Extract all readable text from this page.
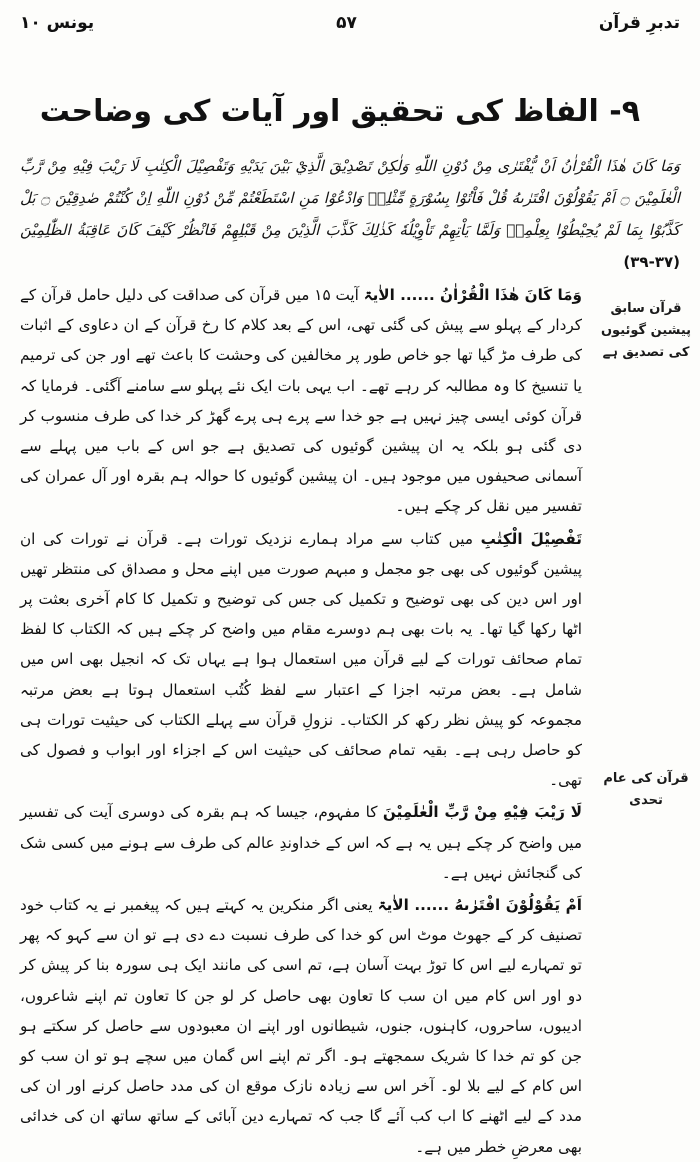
تدبرِ قرآن
۵۷
یونس ۱۰
۹- الفاظ کی تحقیق اور آیات کی وضاحت
وَمَا كَانَ هٰذَا الْقُرْاٰنُ اَنْ يُّفْتَرٰى مِنْ دُوْنِ اللّٰهِ وَلٰكِنْ تَصْدِيْقَ الَّذِيْ بَيْنَ يَدَيْهِ وَتَفْصِيْلَ الْكِتٰبِ لَا رَيْبَ فِيْهِ مِنْ رَّبِّ الْعٰلَمِيْنَ ۝ اَمْ يَقُوْلُوْنَ افْتَرٰىهُ قُلْ فَاْتُوْا بِسُوْرَةٍ مِّثْلِهٖ وَادْعُوْا مَنِ اسْتَطَعْتُمْ مِّنْ دُوْنِ اللّٰهِ اِنْ كُنْتُمْ صٰدِقِيْنَ ۝ بَلْ كَذَّبُوْا بِمَا لَمْ يُحِيْطُوْا بِعِلْمِهٖ وَلَمَّا يَاْتِهِمْ تَاْوِيْلُهٗ كَذٰلِكَ كَذَّبَ الَّذِيْنَ مِنْ قَبْلِهِمْ فَانْظُرْ كَيْفَ كَانَ عَاقِبَةُ الظّٰلِمِيْنَ (۳۷-۳۹)
قرآن سابق پیشین گوئیوں کی تصدیق ہے
قرآن کی عام تحدی

وَمَا كَانَ هٰذَا الْقُرْاٰنُ ...... الاٰیۃ آیت ۱۵ میں قرآن کی صداقت کی دلیل حامل قرآن کے کردار کے پہلو سے پیش کی گئی تھی، اس کے بعد کلام کا رخ قرآن کے ان دعاوی کے اثبات کی طرف مڑ گیا تھا جو خاص طور پر مخالفین کی وحشت کا باعث تھے اور جن کی ترمیم یا تنسیخ کا وہ مطالبہ کر رہے تھے۔ اب یہی بات ایک نئے پہلو سے سامنے آگئی۔ فرمایا کہ قرآن کوئی ایسی چیز نہیں ہے جو خدا سے پرے ہی پرے گھڑ کر خدا کی طرف منسوب کر دی گئی ہو بلکہ یہ ان پیشین گوئیوں کی تصدیق ہے جو اس کے باب میں پہلے سے آسمانی صحیفوں میں موجود ہیں۔ ان پیشین گوئیوں کا حوالہ ہم بقرہ اور آل عمران کی تفسیر میں نقل کر چکے ہیں۔

تَفْصِيْلَ الْكِتٰبِ میں کتاب سے مراد ہمارے نزدیک تورات ہے۔ قرآن نے تورات کی ان پیشین گوئیوں کی بھی جو مجمل و مبہم صورت میں اپنے محل و مصداق کی منتظر تھیں اور اس دین کی بھی توضیح و تکمیل کی جس کی توضیح و تکمیل کا کام آخری بعثت پر اٹھا رکھا گیا تھا۔ یہ بات بھی ہم دوسرے مقام میں واضح کر چکے ہیں کہ الکتاب کا لفظ تمام صحائف تورات کے لیے قرآن میں استعمال ہوا ہے یہاں تک کہ انجیل بھی اس میں شامل ہے۔ بعض مرتبہ اجزا کے اعتبار سے لفظ کُتُب استعمال ہوتا ہے بعض مرتبہ مجموعہ کو پیش نظر رکھ کر الکتاب۔ نزولِ قرآن سے پہلے الکتاب کی حیثیت تورات ہی کو حاصل رہی ہے۔ بقیہ تمام صحائف کی حیثیت اس کے اجزاء اور ابواب و فصول کی تھی۔

لَا رَيْبَ فِيْهِ مِنْ رَّبِّ الْعٰلَمِيْنَ کا مفہوم، جیسا کہ ہم بقرہ کی دوسری آیت کی تفسیر میں واضح کر چکے ہیں یہ ہے کہ اس کے خداوندِ عالم کی طرف سے ہونے میں کسی شک کی گنجائش نہیں ہے۔

اَمْ يَقُوْلُوْنَ افْتَرٰىهُ ...... الاٰیۃ یعنی اگر منکرین یہ کہتے ہیں کہ پیغمبر نے یہ کتاب خود تصنیف کر کے جھوٹ موٹ اس کو خدا کی طرف نسبت دے دی ہے تو ان سے کہو کہ پھر تو تمہارے لیے اس کا توڑ بہت آسان ہے، تم اسی کی مانند ایک ہی سورہ بنا کر پیش کر دو اور اس کام میں ان سب کا تعاون بھی حاصل کر لو جن کا تعاون تم اپنے شاعروں، ادیبوں، ساحروں، کاہنوں، جنوں، شیطانوں اور اپنے ان معبودوں سے حاصل کر سکتے ہو جن کو تم خدا کا شریک سمجھتے ہو۔ اگر تم اپنے اس گمان میں سچے ہو تو ان سب کو اس کام کے لیے بلا لو۔ آخر اس سے زیادہ نازک موقع ان کی مدد حاصل کرنے اور ان کی مدد کے لیے اٹھنے کا اب کب آئے گا جب کہ تمہارے دین آبائی کے ساتھ ساتھ ان کی خدائی بھی معرضِ خطر میں ہے۔
